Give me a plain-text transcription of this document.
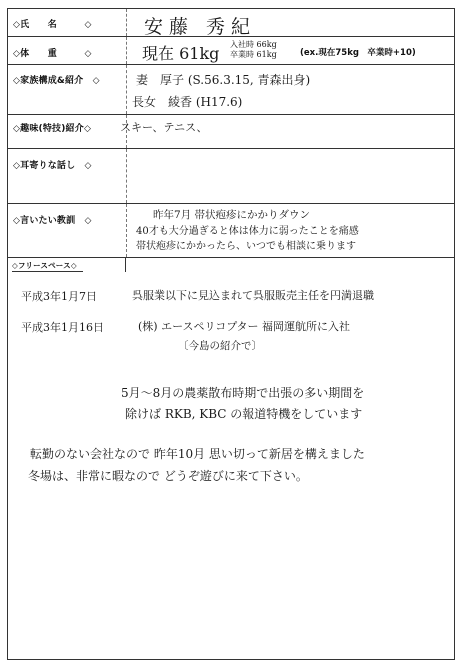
◇氏　　名　　　◇	安藤 秀紀
◇体　　重　　　◇	現在 61kg 入社時 66kg
卒業時 61kg	(ex.現在75kg　卒業時+10)
◇家族構成&紹介　◇	妻　厚子 (S.56.3.15, 青森出身)
長女　綾香 (H17.6)
◇趣味(特技)紹介◇	スキー、テニス、
◇耳寄りな話し　◇
◇言いたい教訓　◇	昨年7月 帯状疱疹にかかりダウン
40才も大分過ぎると体は体力に弱ったことを痛感
帯状疱疹にかかったら、いつでも相談に乗ります
◇フリースペース◇
平成3年1月7日	呉服業以下に見込まれて呉服販売主任を円満退職
平成3年1月16日	(株) エースペリコプター 福岡運航所に入社
〔今島の紹介で〕
5月～8月の農薬散布時期で出張の多い期間を
除けば RKB, KBC の報道特機をしています
転勤のない会社なので 昨年10月 思い切って新居を構えました
冬場は、非常に暇なので どうぞ遊びに来て下さい。
